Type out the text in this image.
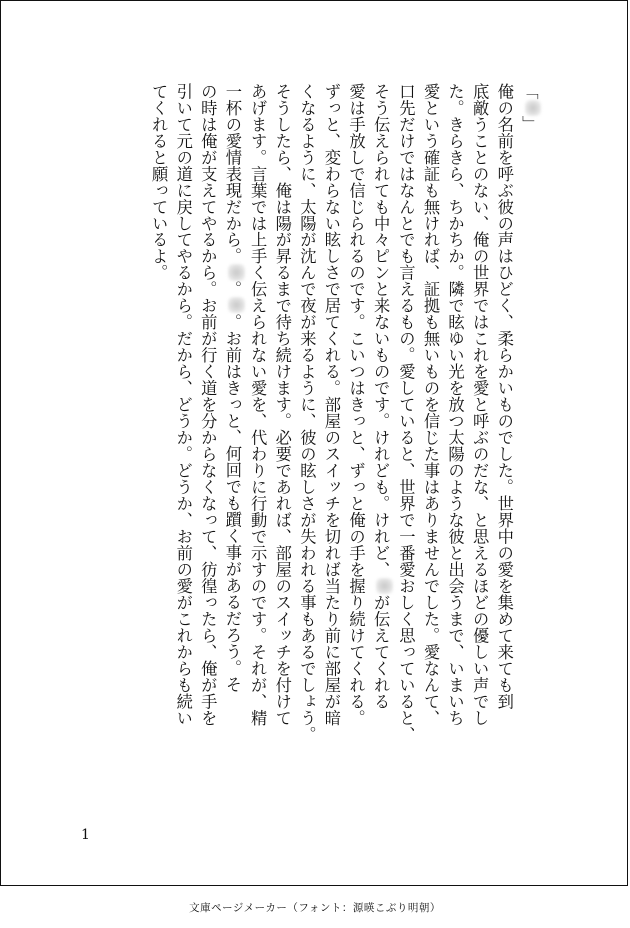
「」
俺の名前を呼ぶ彼の声はひどく、柔らかいものでした。世界中の愛を集めて来ても到
底敵うことのない、俺の世界ではこれを愛と呼ぶのだな、と思えるほどの優しい声でし
た。きらきら、ちかちか。隣で眩ゆい光を放つ太陽のような彼と出会うまで、いまいち
愛という確証も無ければ、証拠も無いものを信じた事はありませんでした。愛なんて、
口先だけではなんとでも言えるもの。愛していると、世界で一番愛おしく思っていると、
そう伝えられても中々ピンと来ないものです。けれども。けれど、が伝えてくれる
愛は手放しで信じられるのです。こいつはきっと、ずっと俺の手を握り続けてくれる。
ずっと、変わらない眩しさで居てくれる。部屋のスイッチを切れば当たり前に部屋が暗
くなるように、太陽が沈んで夜が来るように、彼の眩しさが失われる事もあるでしょう。
そうしたら、俺は陽が昇るまで待ち続けます。必要であれば、部屋のスイッチを付けて
あげます。言葉では上手く伝えられない愛を、代わりに行動で示すのです。それが、精
一杯の愛情表現だから。。。お前はきっと、何回でも躓く事があるだろう。そ
の時は俺が支えてやるから。お前が行く道を分からなくなって、彷徨ったら、俺が手を
引いて元の道に戻してやるから。だから、どうか。どうか、お前の愛がこれからも続い
てくれると願っているよ。
1
文庫ページメーカー（フォント：源暎こぶり明朝）
